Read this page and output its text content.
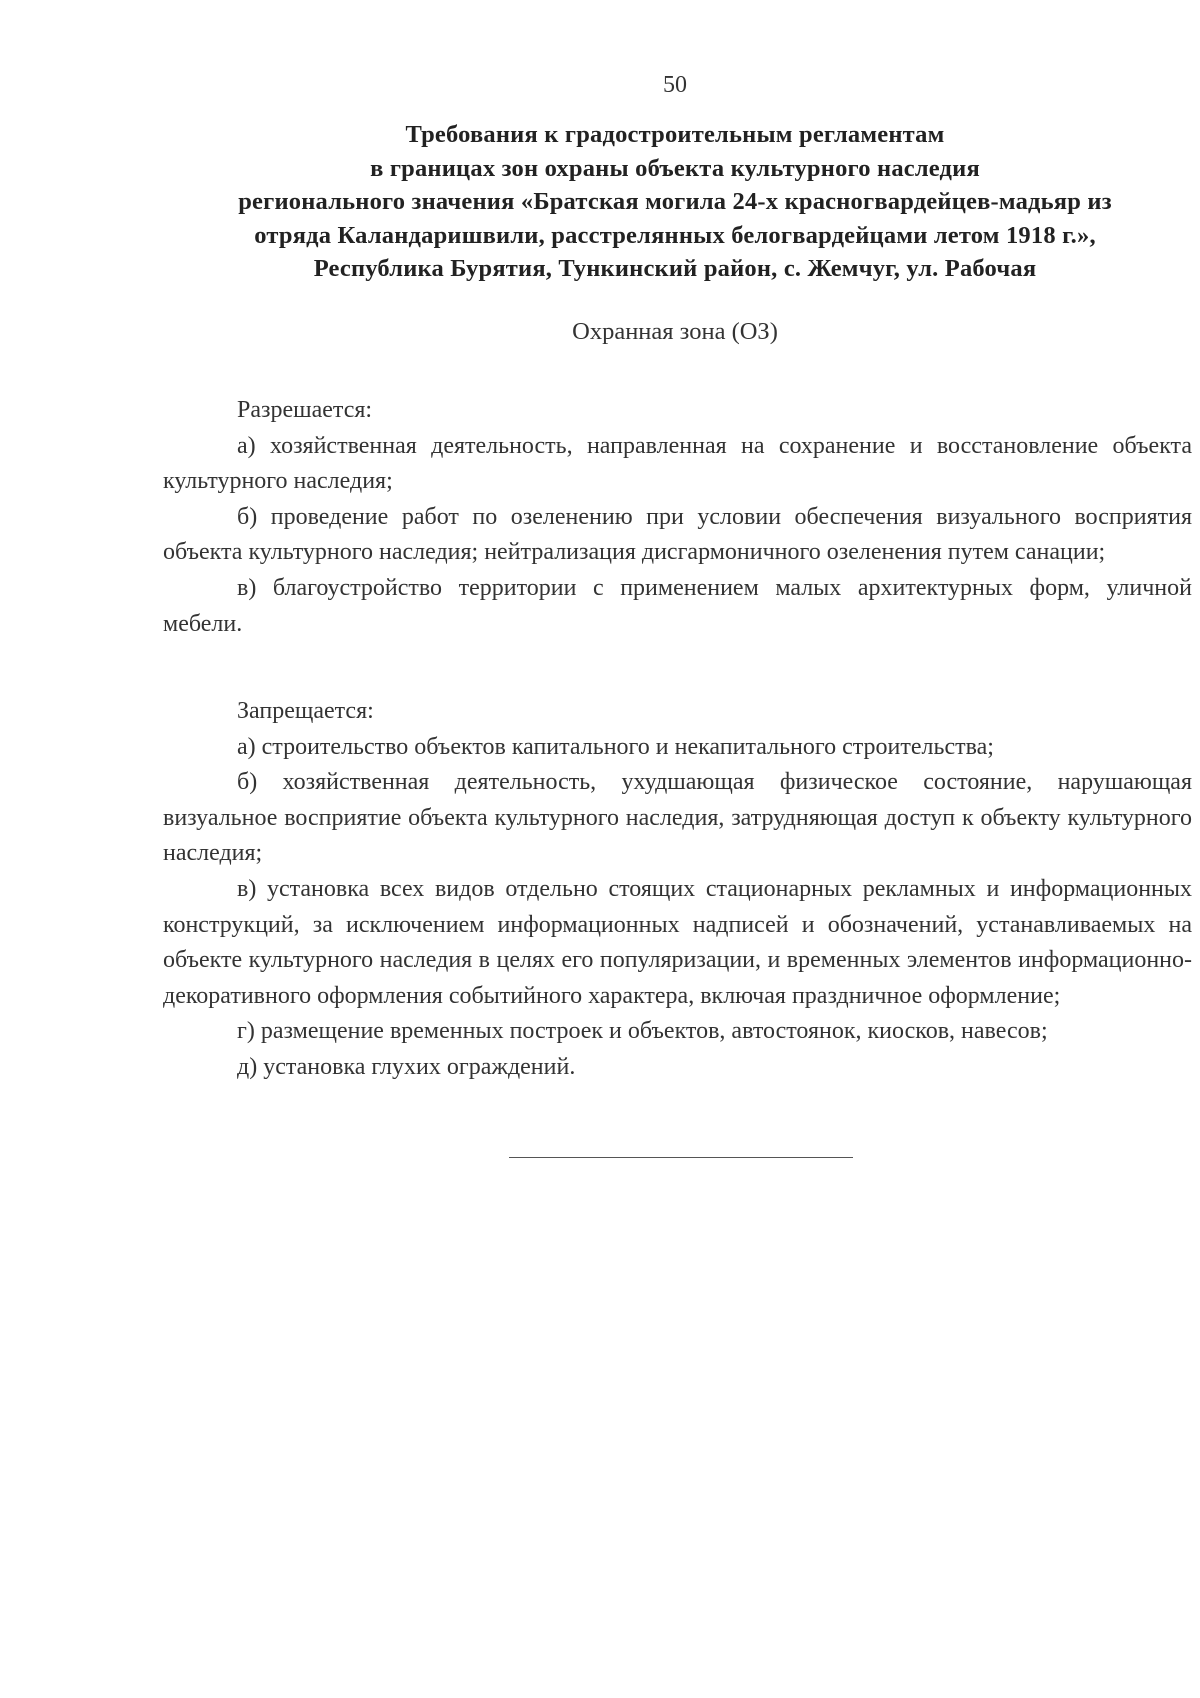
50
Требования к градостроительным регламентам
в границах зон охраны объекта культурного наследия
регионального значения «Братская могила 24-х красногвардейцев-мадьяр из
отряда Каландаришвили, расстрелянных белогвардейцами летом 1918 г.»,
Республика Бурятия, Тункинский район, с. Жемчуг, ул. Рабочая
Охранная зона (ОЗ)

Разрешается:

а) хозяйственная деятельность, направленная на сохранение и восстановление объекта культурного наследия;

б) проведение работ по озеленению при условии обеспечения визуального восприятия объекта культурного наследия; нейтрализация дисгармоничного озеленения путем санации;

в) благоустройство территории с применением малых архитектурных форм, уличной мебели.

Запрещается:

а) строительство объектов капитального и некапитального строительства;

б) хозяйственная деятельность, ухудшающая физическое состояние, нарушающая визуальное восприятие объекта культурного наследия, затрудняющая доступ к объекту культурного наследия;

в) установка всех видов отдельно стоящих стационарных рекламных и информационных конструкций, за исключением информационных надписей и обозначений, устанавливаемых на объекте культурного наследия в целях его популяризации, и временных элементов информационно-декоративного оформления событийного характера, включая праздничное оформление;

г) размещение временных построек и объектов, автостоянок, киосков, навесов;

д) установка глухих ограждений.
